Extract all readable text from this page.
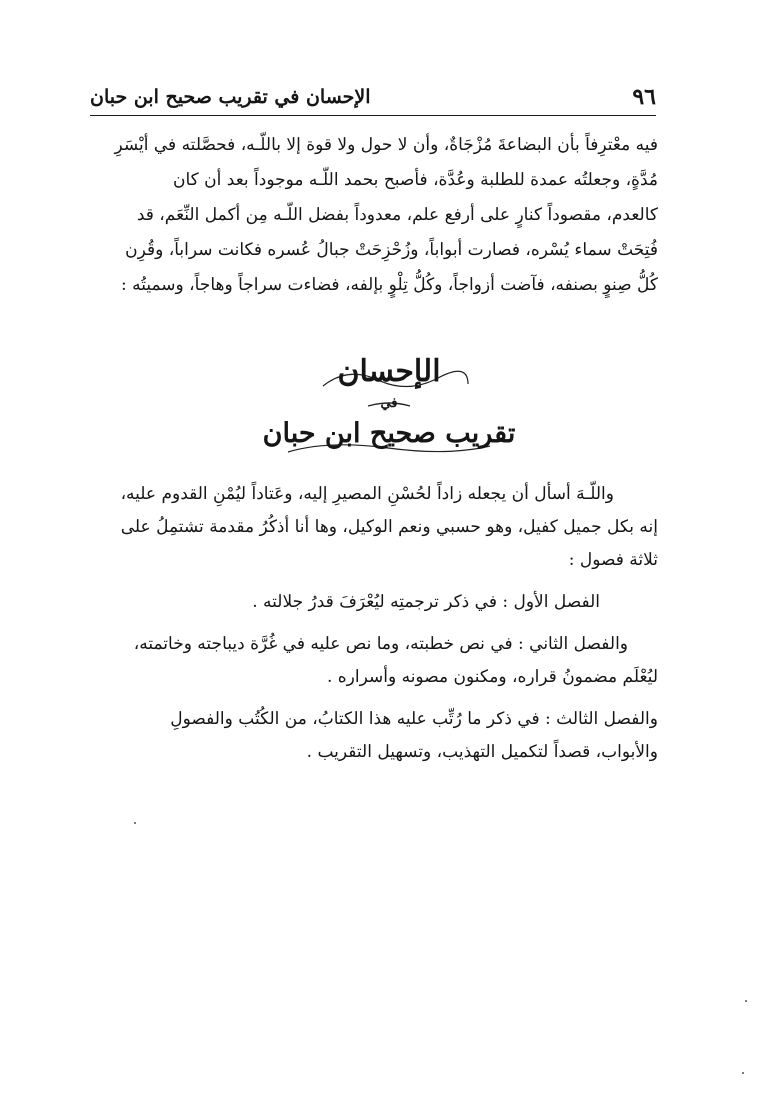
٩٦
الإحسان في تقريب صحيح ابن حبان
فيه معْترِفاً بأن البضاعةَ مُزْجَاةٌ، وأن لا حول ولا قوة إلا باللّـه، فحصَّلته في أيْسَرِ
مُدَّةٍ، وجعلتُه عمدة للطلبة وعُدَّة، فأصبح بحمد اللّـه موجوداً بعد أن كان
كالعدم، مقصوداً كنارٍ على أرفع علم، معدوداً بفضل اللّـه مِن أكمل النِّعَم، قد
فُتِحَتْ سماء يُسْره، فصارت أبواباً، وزُحْزِحَتْ جبالُ عُسره فكانت سراباً، وقُرِن
كُلُّ صِنوٍ بصنفه، فآضت أزواجاً، وكُلُّ تِلْوٍ بإلفه، فضاءت سراجاً وهاجاً، وسميتُه :
الإحسان
في
تقريب صحيح ابن حبان
واللّـهَ أسأل أن يجعله زاداً لحُسْنِ المصيرِ إليه، وعَتاداً ليُمْنِ القدوم عليه،
إنه بكل جميل كفيل، وهو حسبي ونعم الوكيل، وها أنا أذكُرُ مقدمة تشتمِلُ على
ثلاثة فصول :
الفصل الأول : في ذكر ترجمتِه ليُعْرَفَ قدرُ جلالته .
والفصل الثاني : في نص خطبته، وما نص عليه في غُرَّة ديباجته وخاتمته،
ليُعْلَم مضمونُ قراره، ومكنون مصونه وأسراره .
والفصل الثالث : في ذكر ما رُتِّب عليه هذا الكتابُ، من الكُتُب والفصولِ
والأبواب، قصداً لتكميل التهذيب، وتسهيل التقريب .
